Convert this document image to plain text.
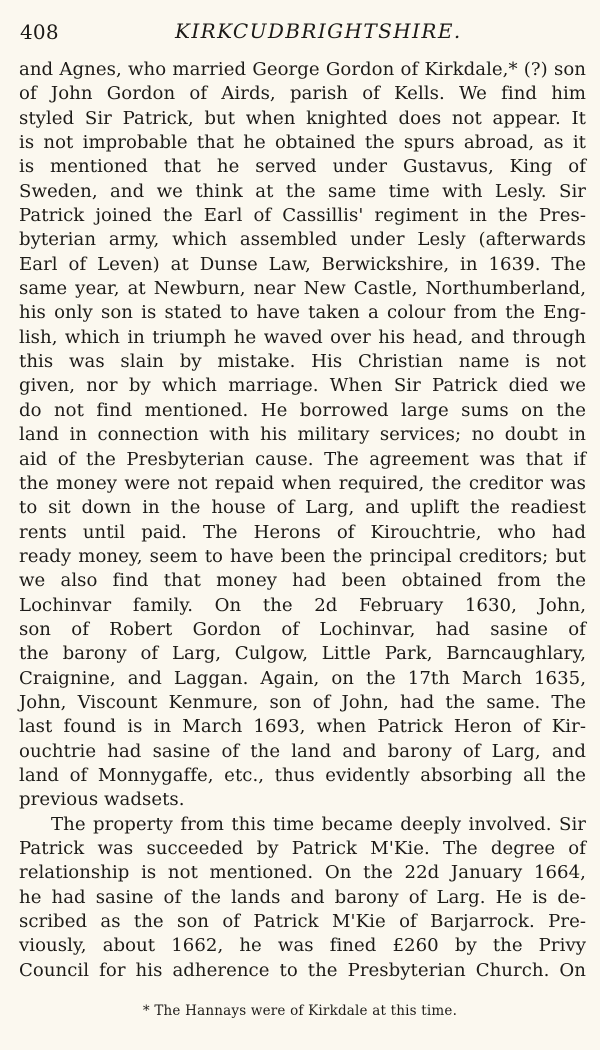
408	KIRKCUDBRIGHTSHIRE.
and Agnes, who married George Gordon of Kirkdale,* (?) son
of John Gordon of Airds, parish of Kells. We find him
styled Sir Patrick, but when knighted does not appear. It
is not improbable that he obtained the spurs abroad, as it
is mentioned that he served under Gustavus, King of
Sweden, and we think at the same time with Lesly. Sir
Patrick joined the Earl of Cassillis' regiment in the Pres-
byterian army, which assembled under Lesly (afterwards
Earl of Leven) at Dunse Law, Berwickshire, in 1639. The
same year, at Newburn, near New Castle, Northumberland,
his only son is stated to have taken a colour from the Eng-
lish, which in triumph he waved over his head, and through
this was slain by mistake. His Christian name is not
given, nor by which marriage. When Sir Patrick died we
do not find mentioned. He borrowed large sums on the
land in connection with his military services; no doubt in
aid of the Presbyterian cause. The agreement was that if
the money were not repaid when required, the creditor was
to sit down in the house of Larg, and uplift the readiest
rents until paid. The Herons of Kirouchtrie, who had
ready money, seem to have been the principal creditors; but
we also find that money had been obtained from the
Lochinvar family. On the 2d February 1630, John,
son of Robert Gordon of Lochinvar, had sasine of
the barony of Larg, Culgow, Little Park, Barncaughlary,
Craignine, and Laggan. Again, on the 17th March 1635,
John, Viscount Kenmure, son of John, had the same. The
last found is in March 1693, when Patrick Heron of Kir-
ouchtrie had sasine of the land and barony of Larg, and
land of Monnygaffe, etc., thus evidently absorbing all the
previous wadsets.
The property from this time became deeply involved. Sir
Patrick was succeeded by Patrick M'Kie. The degree of
relationship is not mentioned. On the 22d January 1664,
he had sasine of the lands and barony of Larg. He is de-
scribed as the son of Patrick M'Kie of Barjarrock. Pre-
viously, about 1662, he was fined £260 by the Privy
Council for his adherence to the Presbyterian Church. On
* The Hannays were of Kirkdale at this time.
